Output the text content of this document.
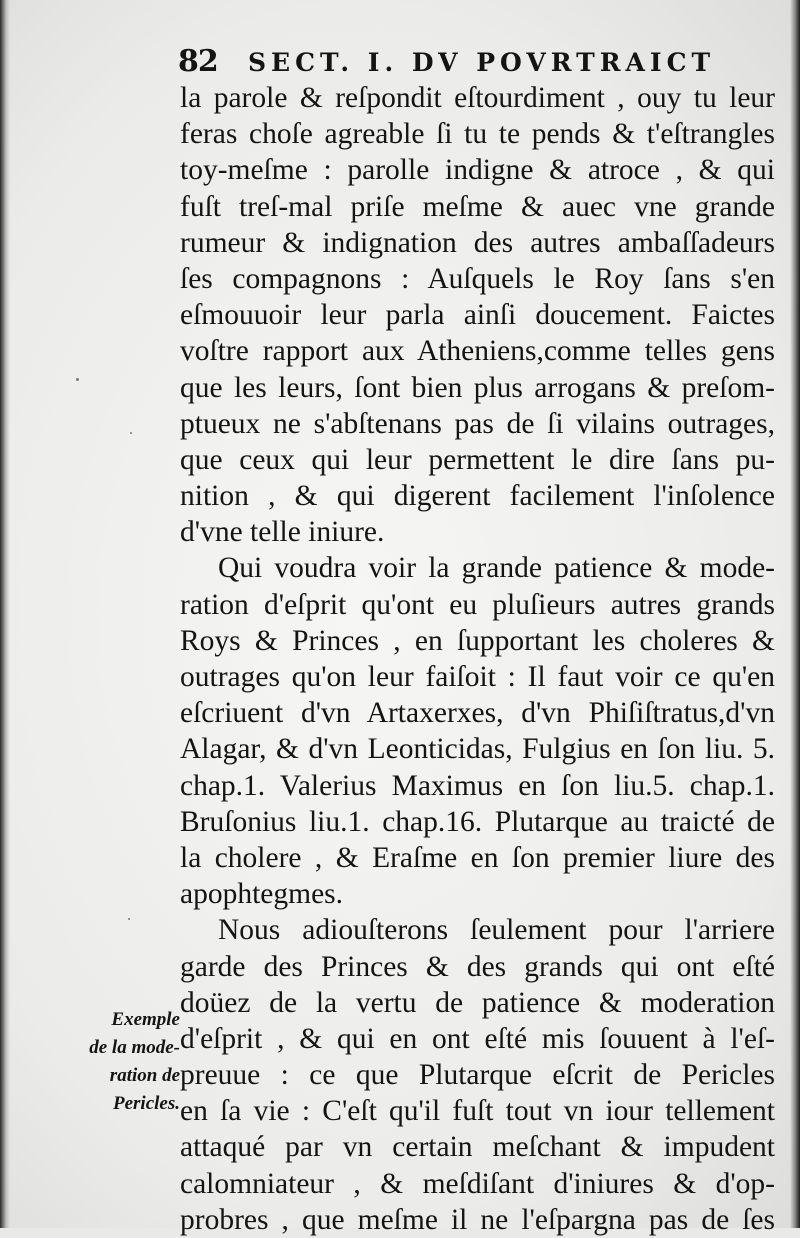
82 SECT. I. DV POVRTRAICT
la parole & reſpondit eſtourdiment , ouy tu leur
feras choſe agreable ſi tu te pends & t'eſtrangles
toy-meſme : parolle indigne & atroce , & qui
fuſt treſ-mal priſe meſme & auec vne grande
rumeur & indignation des autres ambaſſadeurs
ſes compagnons : Auſquels le Roy ſans s'en
eſmouuoir leur parla ainſi doucement. Faictes
voſtre rapport aux Atheniens,comme telles gens
que les leurs, ſont bien plus arrogans & preſom-
ptueux ne s'abſtenans pas de ſi vilains outrages,
que ceux qui leur permettent le dire ſans pu-
nition , & qui digerent facilement l'inſolence
d'vne telle iniure.
Qui voudra voir la grande patience & mode-
ration d'eſprit qu'ont eu pluſieurs autres grands
Roys & Princes , en ſupportant les choleres &
outrages qu'on leur faiſoit : Il faut voir ce qu'en
eſcriuent d'vn Artaxerxes, d'vn Phiſiſtratus,d'vn
Alagar, & d'vn Leonticidas, Fulgius en ſon liu. 5.
chap.1. Valerius Maximus en ſon liu.5. chap.1.
Bruſonius liu.1. chap.16. Plutarque au traicté de
la cholere , & Eraſme en ſon premier liure des
apophtegmes.
Nous adiouſterons ſeulement pour l'arriere
garde des Princes & des grands qui ont eſté
doüez de la vertu de patience & moderation
d'eſprit , & qui en ont eſté mis ſouuent à l'eſ-
preuue : ce que Plutarque eſcrit de Pericles
en ſa vie : C'eſt qu'il fuſt tout vn iour tellement
attaqué par vn certain meſchant & impudent
calomniateur , & meſdiſant d'iniures & d'op-
probres , que meſme il ne l'eſpargna pas de ſes
Exemple
de la mode-
ration de
Pericles.
